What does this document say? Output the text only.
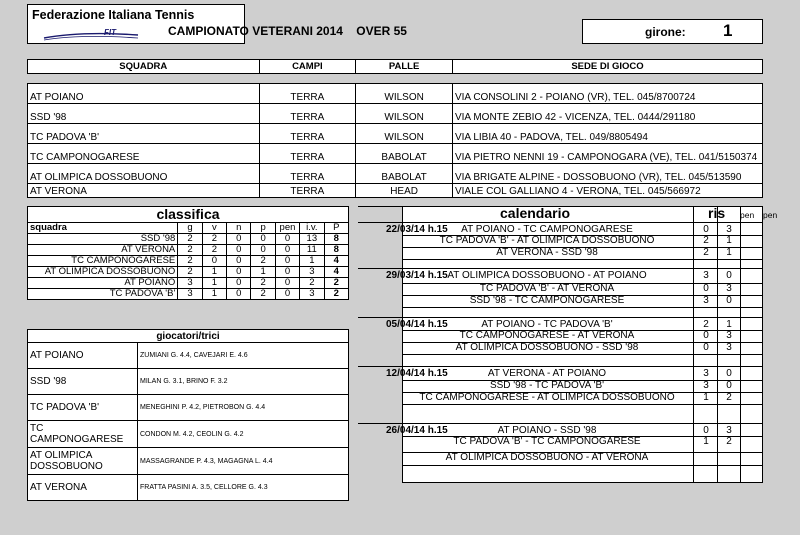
Federazione Italiana Tennis
FIT	CAMPIONATO VETERANI 2014    OVER 55	girone: 1
SQUADRA	CAMPI	PALLE	SEDE DI GIOCO

AT POIANO	TERRA	WILSON	VIA CONSOLINI 2 - POIANO (VR), TEL. 045/8700724
SSD '98	TERRA	WILSON	VIA MONTE ZEBIO 42 - VICENZA, TEL. 0444/291180
TC PADOVA 'B'	TERRA	WILSON	VIA LIBIA 40 - PADOVA, TEL. 049/8805494
TC CAMPONOGARESE	TERRA	BABOLAT	VIA PIETRO NENNI 19 - CAMPONOGARA (VE), TEL. 041/5150374
AT OLIMPICA DOSSOBUONO	TERRA	BABOLAT	VIA BRIGATE ALPINE - DOSSOBUONO (VR), TEL. 045/513590
AT VERONA	TERRA	HEAD	VIALE COL GALLIANO 4 - VERONA, TEL. 045/566972
classifica							
squadra	g	v	n	p	pen	i.v.	P
SSD '98	2	2	0	0	0	13	8
AT VERONA	2	2	0	0	0	11	8
TC CAMPONOGARESE	2	0	0	2	0	1	4
AT OLIMPICA DOSSOBUONO	2	1	0	1	0	3	4
AT POIANO	3	1	0	2	0	2	2
TC PADOVA 'B'	3	1	0	2	0	3	2
giocatori/trici	
AT POIANO	ZUMIANI G. 4.4, CAVEJARI E. 4.6
SSD '98	MILAN G. 3.1, BRINO F. 3.2
TC PADOVA 'B'	MENEGHINI P. 4.2, PIETROBON G. 4.4
TC CAMPONOGARESE	CONDON M. 4.2, CEOLIN G. 4.2
AT OLIMPICA DOSSOBUONO	MASSAGRANDE P. 4.3, MAGAGNA L. 4.4
AT VERONA	FRATTA PASINI A. 3.5, CELLORE G. 4.3
calendario	ris pen pen
22/03/14 h.15	AT POIANO - TC CAMPONOGARESE	0	3
TC PADOVA 'B' - AT OLIMPICA DOSSOBUONO	2	1
AT VERONA - SSD '98	2	1
29/03/14 h.15 AT OLIMPICA DOSSOBUONO - AT POIANO	3	0
TC PADOVA 'B' - AT VERONA	0	3
SSD '98 - TC CAMPONOGARESE	3	0
05/04/14 h.15	AT POIANO - TC PADOVA 'B'	2	1
TC CAMPONOGARESE - AT VERONA	0	3
AT OLIMPICA DOSSOBUONO - SSD '98	0	3
12/04/14 h.15	AT VERONA - AT POIANO	3	0
SSD '98 - TC PADOVA 'B'	3	0
TC CAMPONOGARESE - AT OLIMPICA DOSSOBUONO	1	2
26/04/14 h.15	AT POIANO - SSD '98	0	3
TC PADOVA 'B' - TC CAMPONOGARESE	1	2
AT OLIMPICA DOSSOBUONO - AT VERONA
